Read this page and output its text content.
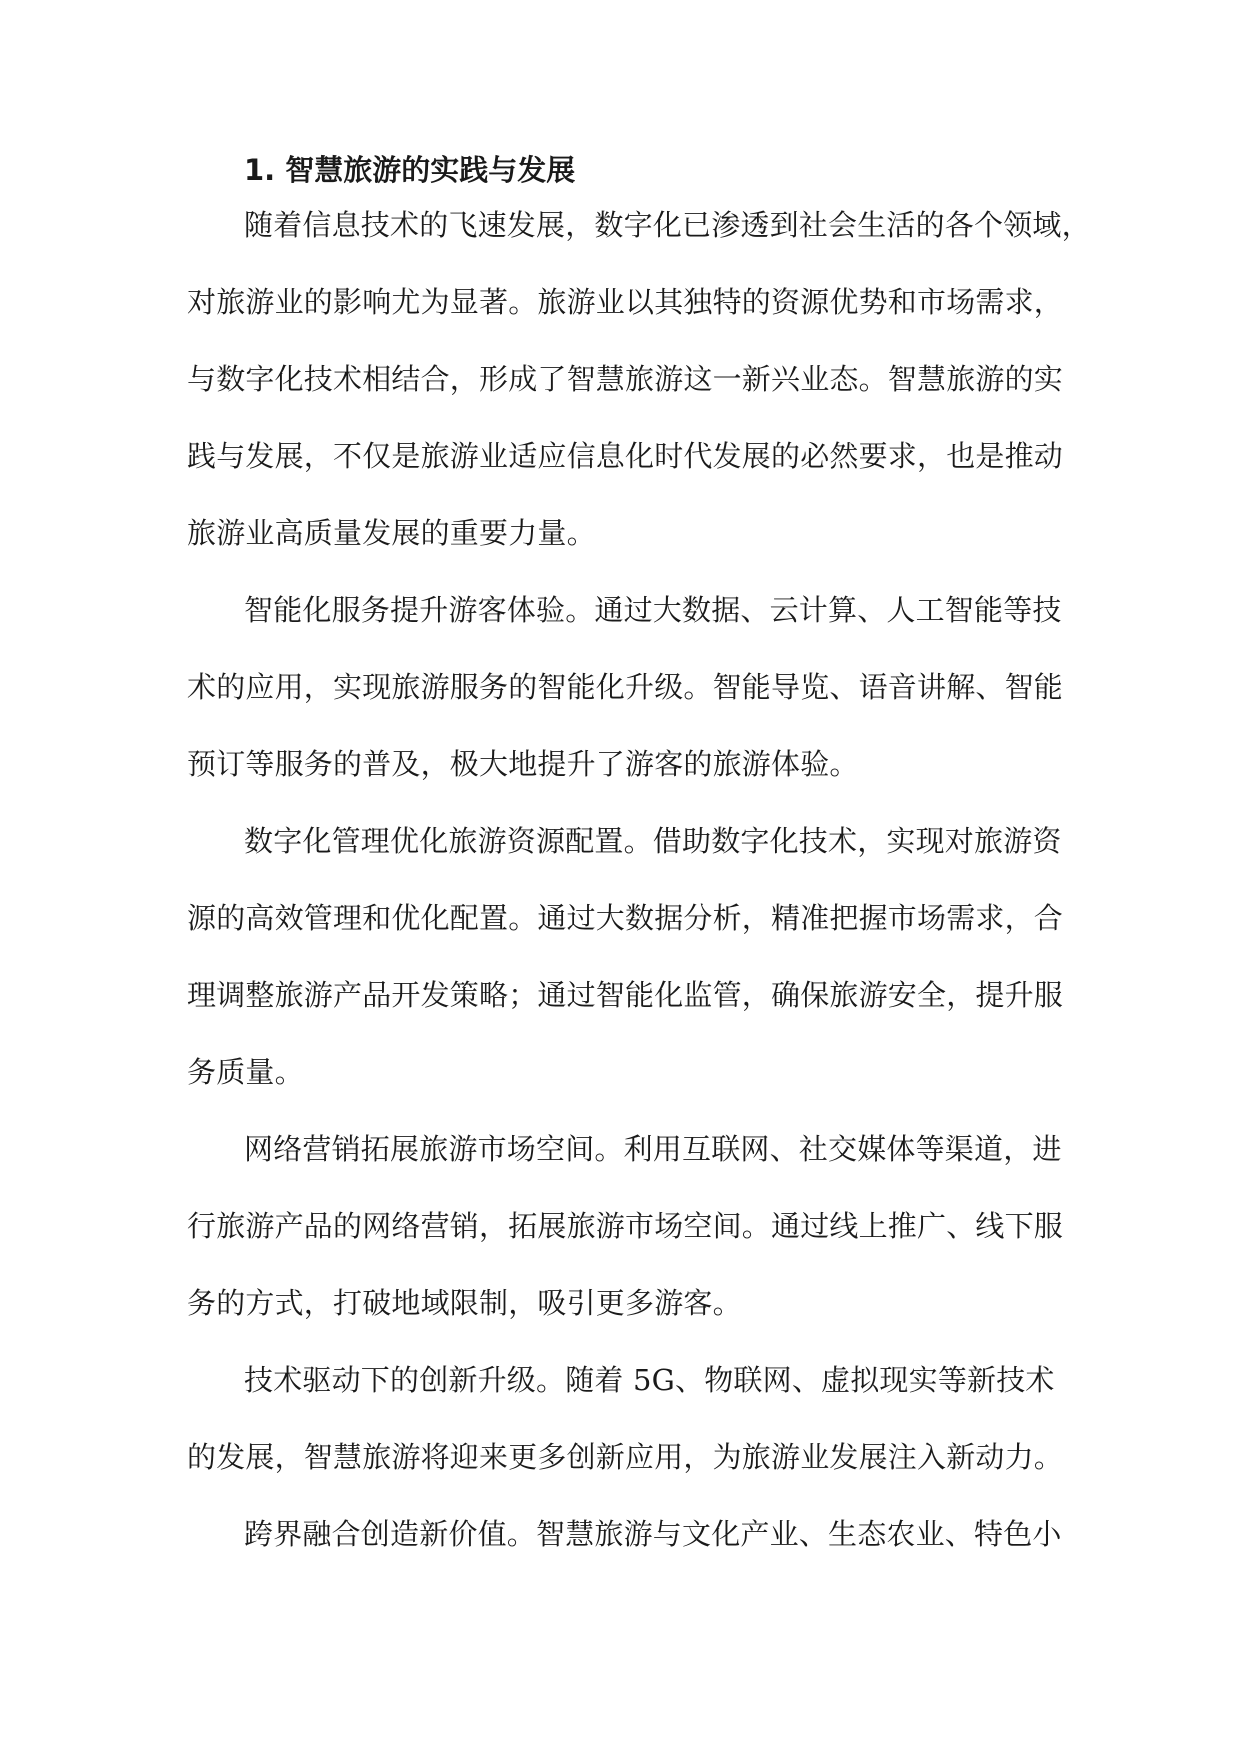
1. 智慧旅游的实践与发展
随着信息技术的飞速发展，数字化已渗透到社会生活的各个领域，
对旅游业的影响尤为显著。旅游业以其独特的资源优势和市场需求，
与数字化技术相结合，形成了智慧旅游这一新兴业态。智慧旅游的实
践与发展，不仅是旅游业适应信息化时代发展的必然要求，也是推动
旅游业高质量发展的重要力量。
智能化服务提升游客体验。通过大数据、云计算、人工智能等技
术的应用，实现旅游服务的智能化升级。智能导览、语音讲解、智能
预订等服务的普及，极大地提升了游客的旅游体验。
数字化管理优化旅游资源配置。借助数字化技术，实现对旅游资
源的高效管理和优化配置。通过大数据分析，精准把握市场需求，合
理调整旅游产品开发策略；通过智能化监管，确保旅游安全，提升服
务质量。
网络营销拓展旅游市场空间。利用互联网、社交媒体等渠道，进
行旅游产品的网络营销，拓展旅游市场空间。通过线上推广、线下服
务的方式，打破地域限制，吸引更多游客。
技术驱动下的创新升级。随着 5G、物联网、虚拟现实等新技术
的发展，智慧旅游将迎来更多创新应用，为旅游业发展注入新动力。
跨界融合创造新价值。智慧旅游与文化产业、生态农业、特色小
